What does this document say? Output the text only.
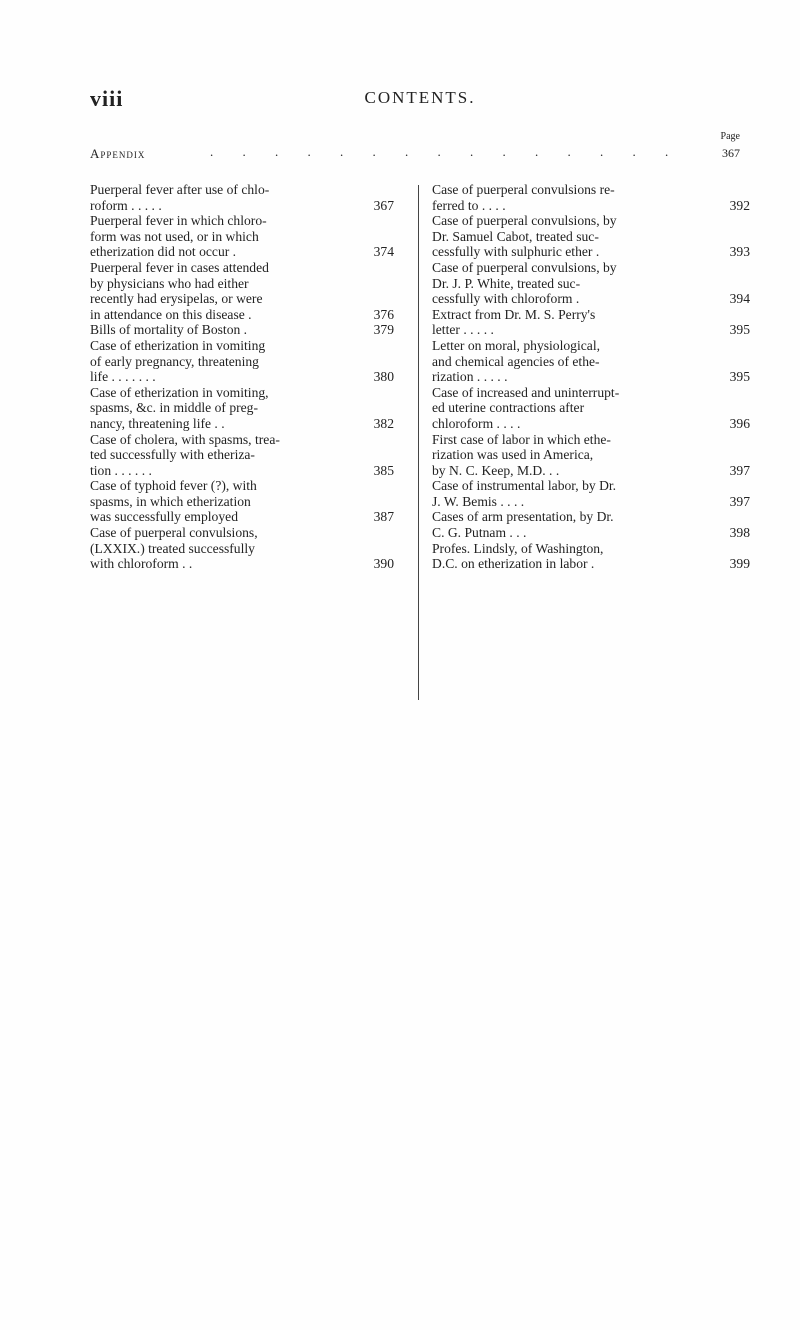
viii	CONTENTS.
Page
Appendix	. . . . . . . . . . . . . . .	367
Puerperal fever after use of chlo-
roform . . . . .	367
Puerperal fever in which chloro-
form was not used, or in which
etherization did not occur .	374
Puerperal fever in cases attended
by physicians who had either
recently had erysipelas, or were
in attendance on this disease .	376
Bills of mortality of Boston .	379
Case of etherization in vomiting
of early pregnancy, threatening
life . . . . . . .	380
Case of etherization in vomiting,
spasms, &c. in middle of preg-
nancy, threatening life . .	382
Case of cholera, with spasms, trea-
ted successfully with etheriza-
tion . . . . . .	385
Case of typhoid fever (?), with
spasms, in which etherization
was successfully employed	387
Case of puerperal convulsions,
(LXXIX.) treated successfully
with chloroform . .	390
Case of puerperal convulsions re-
ferred to . . . .	392
Case of puerperal convulsions, by
Dr. Samuel Cabot, treated suc-
cessfully with sulphuric ether .	393
Case of puerperal convulsions, by
Dr. J. P. White, treated suc-
cessfully with chloroform .	394
Extract from Dr. M. S. Perry's
letter . . . . .	395
Letter on moral, physiological,
and chemical agencies of ethe-
rization . . . . .	395
Case of increased and uninterrupt-
ed uterine contractions after
chloroform . . . .	396
First case of labor in which ethe-
rization was used in America,
by N. C. Keep, M.D. . .	397
Case of instrumental labor, by Dr.
J. W. Bemis . . . .	397
Cases of arm presentation, by Dr.
C. G. Putnam . . .	398
Profes. Lindsly, of Washington,
D.C. on etherization in labor .	399
